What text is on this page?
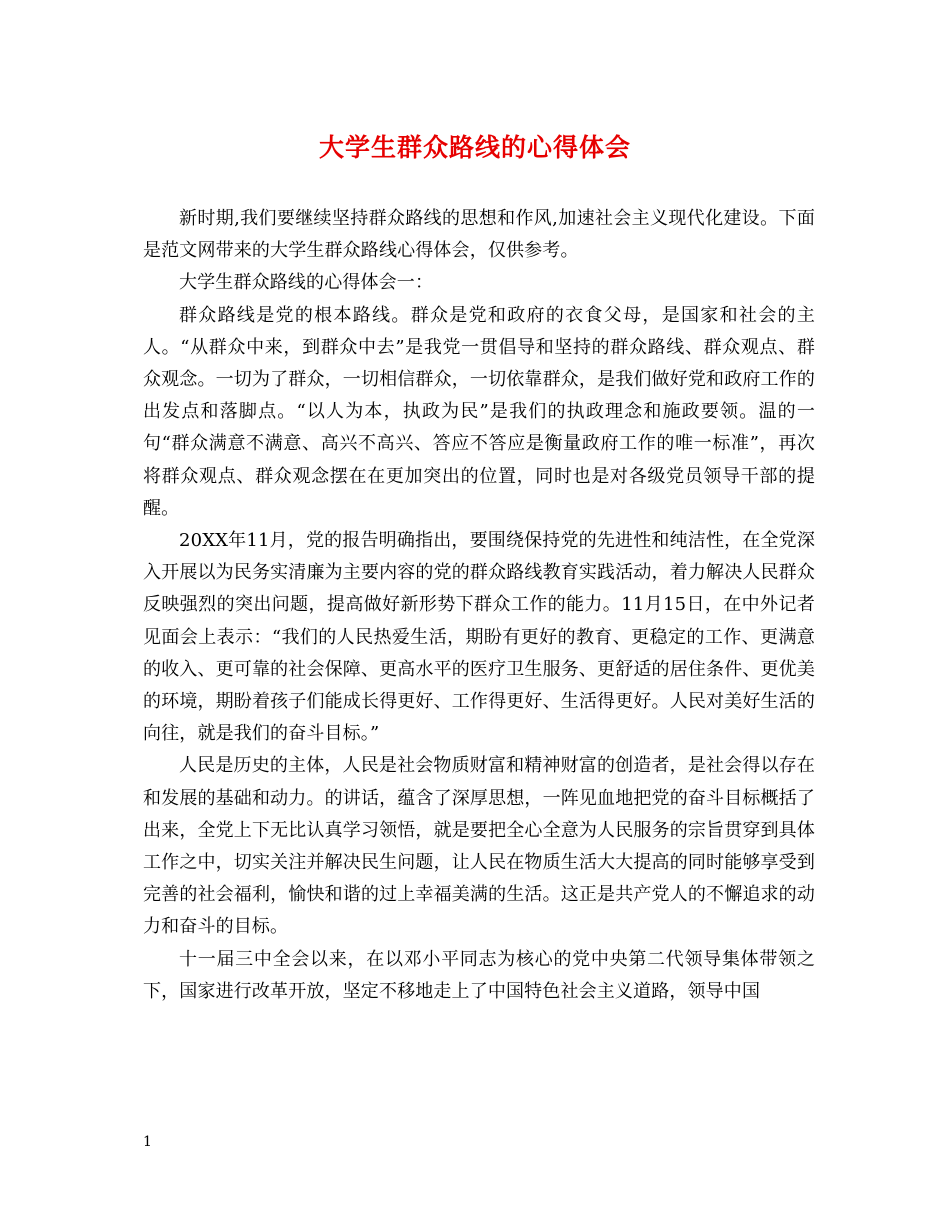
大学生群众路线的心得体会

新时期,我们要继续坚持群众路线的思想和作风,加速社会主义现代化建设。下面是范文网带来的大学生群众路线心得体会，仅供参考。

大学生群众路线的心得体会一：

群众路线是党的根本路线。群众是党和政府的衣食父母，是国家和社会的主人。“从群众中来，到群众中去”是我党一贯倡导和坚持的群众路线、群众观点、群众观念。一切为了群众，一切相信群众，一切依靠群众，是我们做好党和政府工作的出发点和落脚点。“以人为本，执政为民”是我们的执政理念和施政要领。温的一句“群众满意不满意、高兴不高兴、答应不答应是衡量政府工作的唯一标准”，再次将群众观点、群众观念摆在在更加突出的位置，同时也是对各级党员领导干部的提醒。

20XX年11月，党的报告明确指出，要围绕保持党的先进性和纯洁性，在全党深入开展以为民务实清廉为主要内容的党的群众路线教育实践活动，着力解决人民群众反映强烈的突出问题，提高做好新形势下群众工作的能力。11月15日，在中外记者见面会上表示：“我们的人民热爱生活，期盼有更好的教育、更稳定的工作、更满意的收入、更可靠的社会保障、更高水平的医疗卫生服务、更舒适的居住条件、更优美的环境，期盼着孩子们能成长得更好、工作得更好、生活得更好。人民对美好生活的向往，就是我们的奋斗目标。”

人民是历史的主体，人民是社会物质财富和精神财富的创造者，是社会得以存在和发展的基础和动力。的讲话，蕴含了深厚思想，一阵见血地把党的奋斗目标概括了出来，全党上下无比认真学习领悟，就是要把全心全意为人民服务的宗旨贯穿到具体工作之中，切实关注并解决民生问题，让人民在物质生活大大提高的同时能够享受到完善的社会福利，愉快和谐的过上幸福美满的生活。这正是共产党人的不懈追求的动力和奋斗的目标。

十一届三中全会以来，在以邓小平同志为核心的党中央第二代领导集体带领之下，国家进行改革开放，坚定不移地走上了中国特色社会主义道路，领导中国

1
